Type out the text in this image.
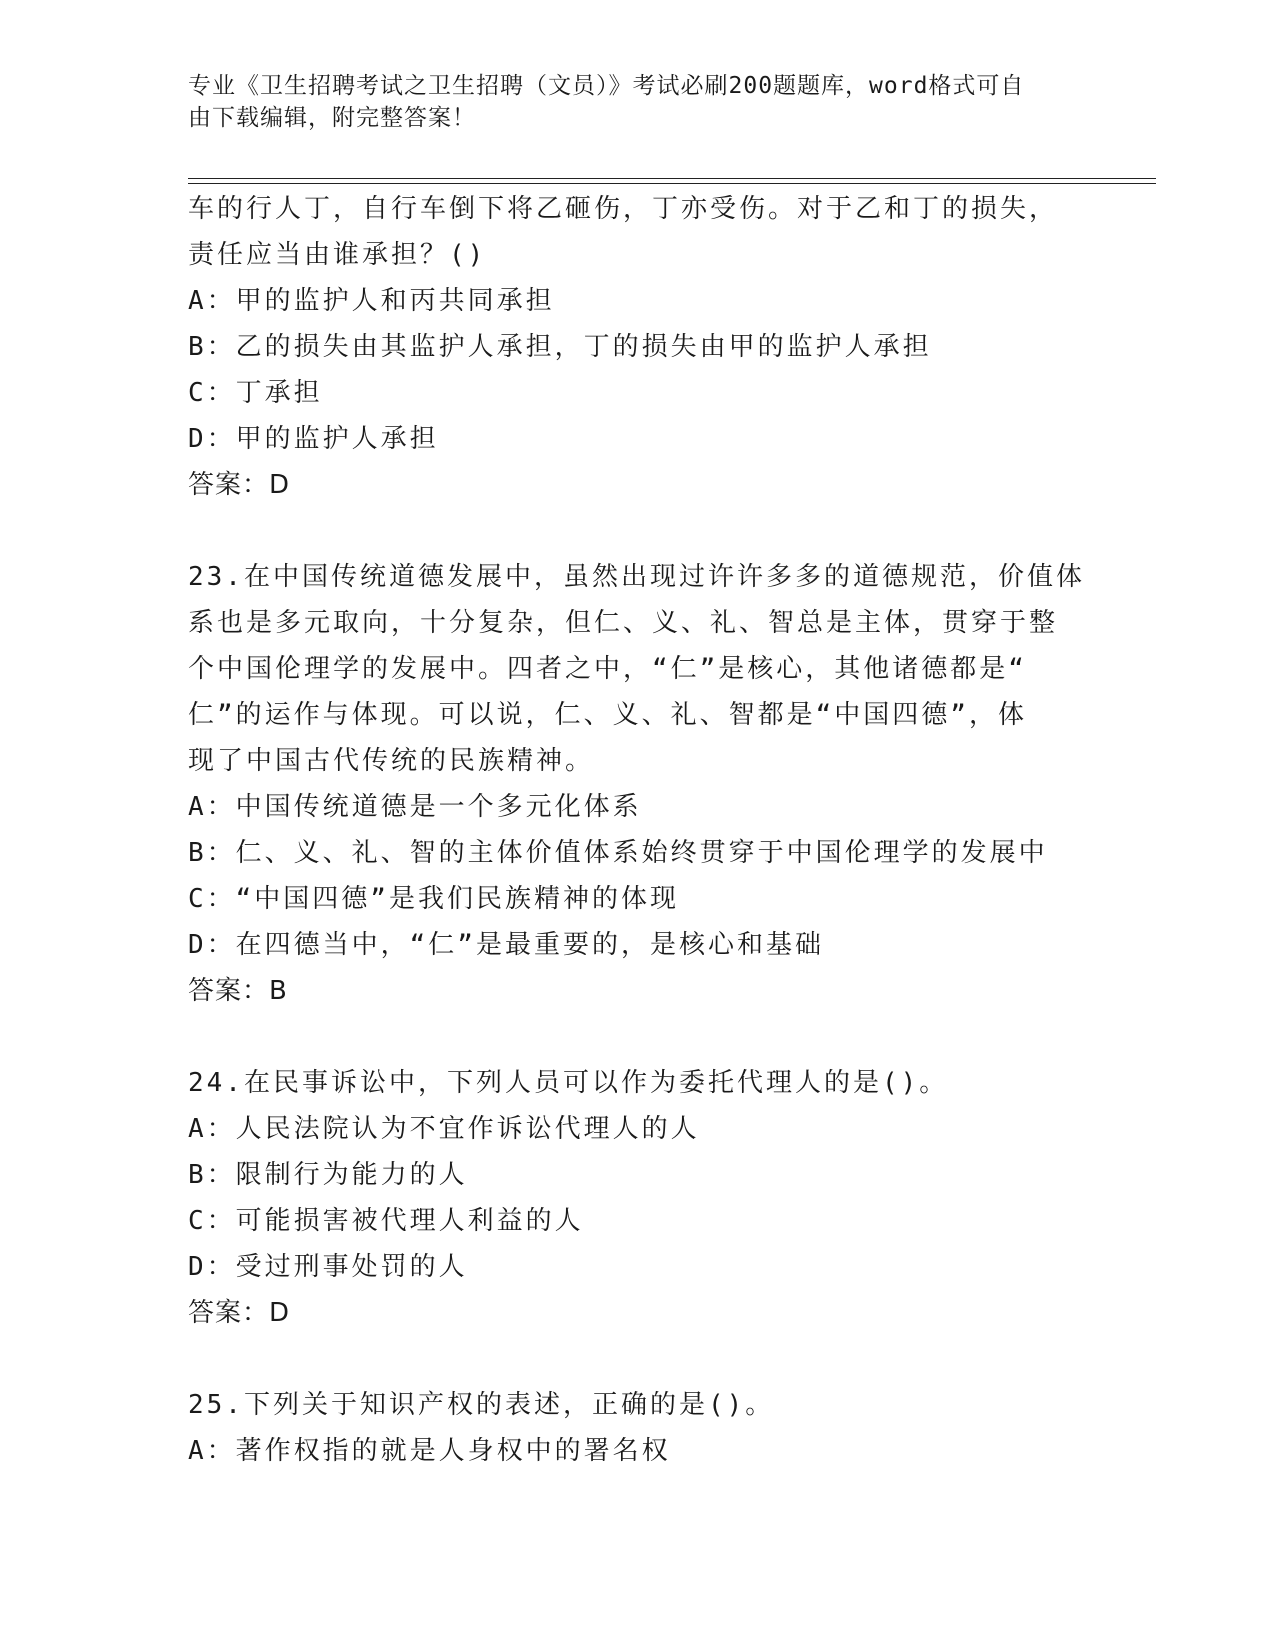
专业《卫生招聘考试之卫生招聘（文员）》考试必刷200题题库，word格式可自
由下载编辑，附完整答案！
车的行人丁，自行车倒下将乙砸伤，丁亦受伤。对于乙和丁的损失，
责任应当由谁承担？()
A：甲的监护人和丙共同承担
B：乙的损失由其监护人承担，丁的损失由甲的监护人承担
C：丁承担
D：甲的监护人承担
答案：D
23.在中国传统道德发展中，虽然出现过许许多多的道德规范，价值体
系也是多元取向，十分复杂，但仁、义、礼、智总是主体，贯穿于整
个中国伦理学的发展中。四者之中，“仁”是核心，其他诸德都是“
仁”的运作与体现。可以说，仁、义、礼、智都是“中国四德”，体
现了中国古代传统的民族精神。
A：中国传统道德是一个多元化体系
B：仁、义、礼、智的主体价值体系始终贯穿于中国伦理学的发展中
C：“中国四德”是我们民族精神的体现
D：在四德当中，“仁”是最重要的，是核心和基础
答案：B
24.在民事诉讼中，下列人员可以作为委托代理人的是()。
A：人民法院认为不宜作诉讼代理人的人
B：限制行为能力的人
C：可能损害被代理人利益的人
D：受过刑事处罚的人
答案：D
25.下列关于知识产权的表述，正确的是()。
A：著作权指的就是人身权中的署名权
